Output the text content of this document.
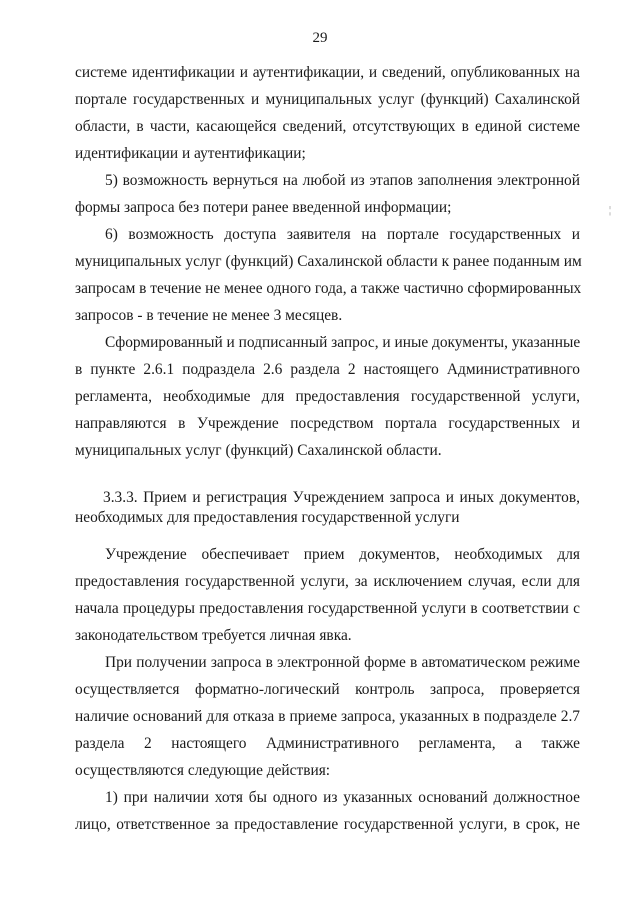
29
системе идентификации и аутентификации, и сведений, опубликованных на
портале государственных и муниципальных услуг (функций) Сахалинской
области, в части, касающейся сведений, отсутствующих в единой системе
идентификации и аутентификации;
5) возможность вернуться на любой из этапов заполнения электронной
формы запроса без потери ранее введенной информации;
6) возможность доступа заявителя на портале государственных и
муниципальных услуг (функций) Сахалинской области к ранее поданным им
запросам в течение не менее одного года, а также частично сформированных
запросов - в течение не менее 3 месяцев.
Сформированный и подписанный запрос, и иные документы, указанные
в пункте 2.6.1 подраздела 2.6 раздела 2 настоящего Административного
регламента, необходимые для предоставления государственной услуги,
направляются в Учреждение посредством портала государственных и
муниципальных услуг (функций) Сахалинской области.
3.3.3. Прием и регистрация Учреждением запроса и иных документов,
необходимых для предоставления государственной услуги
Учреждение обеспечивает прием документов, необходимых для
предоставления государственной услуги, за исключением случая, если для
начала процедуры предоставления государственной услуги в соответствии с
законодательством требуется личная явка.
При получении запроса в электронной форме в автоматическом режиме
осуществляется форматно-логический контроль запроса, проверяется
наличие оснований для отказа в приеме запроса, указанных в подразделе 2.7
раздела 2 настоящего Административного регламента, а также
осуществляются следующие действия:
1) при наличии хотя бы одного из указанных оснований должностное
лицо, ответственное за предоставление государственной услуги, в срок, не
¦
